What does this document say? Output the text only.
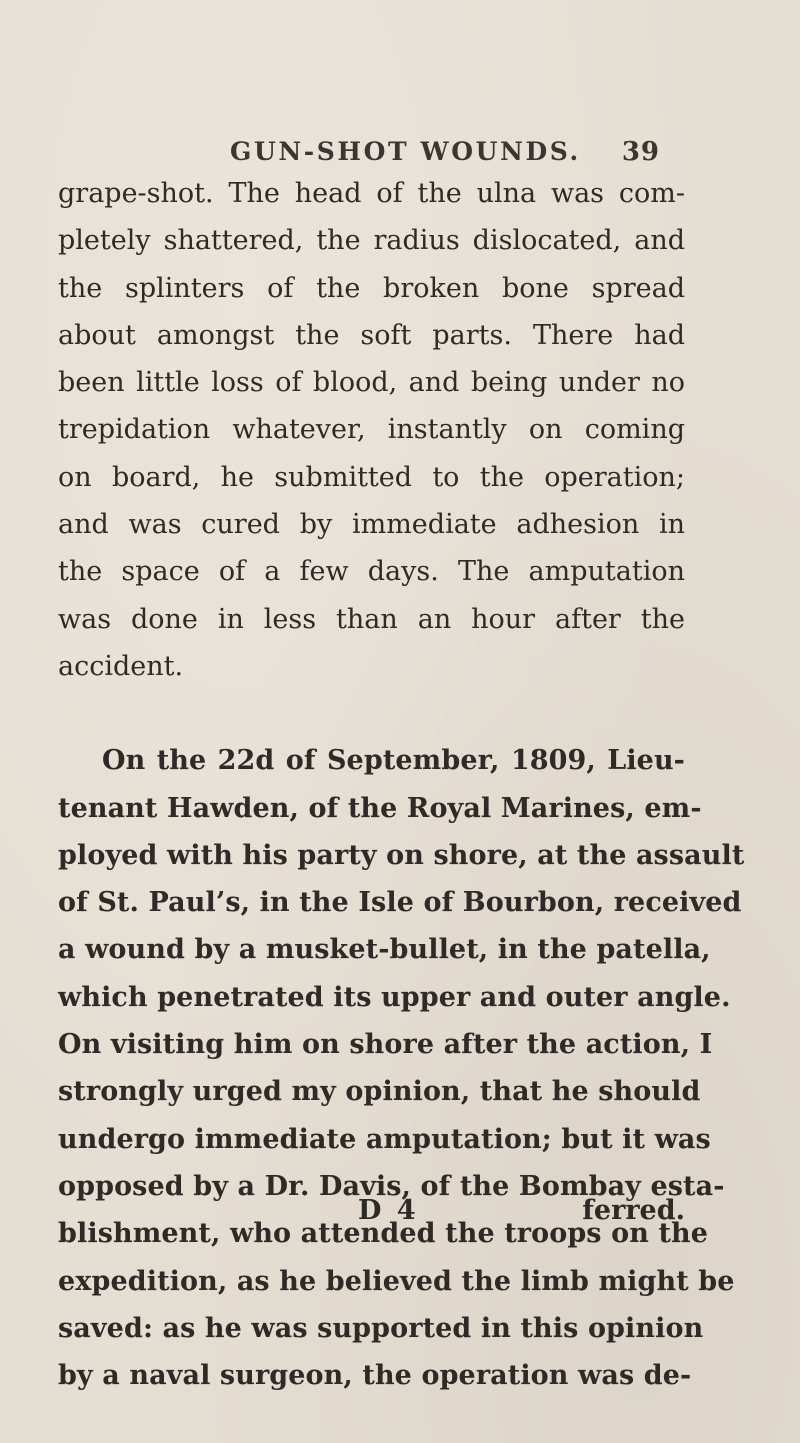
GUN-SHOT WOUNDS. 39
grape-shot. The head of the ulna was com-
pletely shattered, the radius dislocated, and
the splinters of the broken bone spread
about amongst the soft parts. There had
been little loss of blood, and being under no
trepidation whatever, instantly on coming
on board, he submitted to the operation;
and was cured by immediate adhesion in
the space of a few days. The amputation
was done in less than an hour after the
accident.
On the 22d of September, 1809, Lieu-
tenant Hawden, of the Royal Marines, em-
ployed with his party on shore, at the assault
of St. Paul’s, in the Isle of Bourbon, received
a wound by a musket-bullet, in the patella,
which penetrated its upper and outer angle.
On visiting him on shore after the action, I
strongly urged my opinion, that he should
undergo immediate amputation; but it was
opposed by a Dr. Davis, of the Bombay esta-
blishment, who attended the troops on the
expedition, as he believed the limb might be
saved: as he was supported in this opinion
by a naval surgeon, the operation was de-
D 4	ferred.
